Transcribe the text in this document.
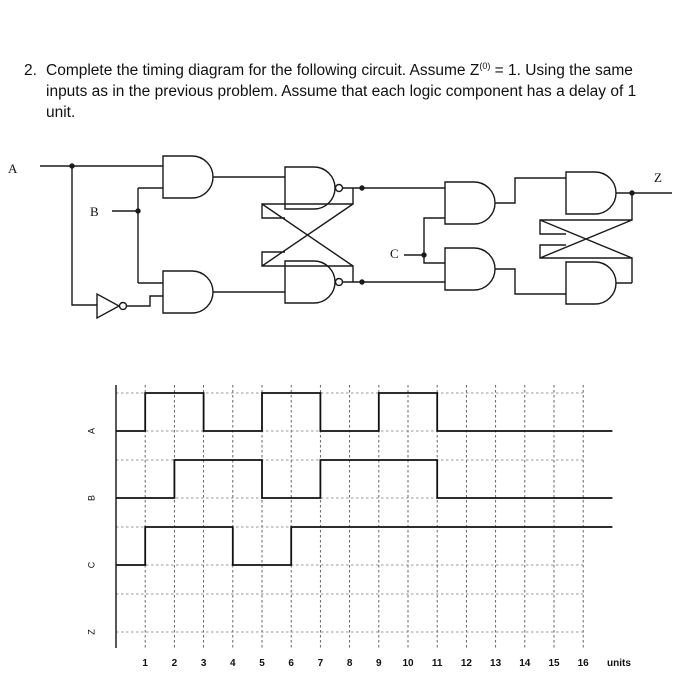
2. Complete the timing diagram for the following circuit. Assume $Z^{(0)} = 1$. Using the same inputs as in the previous problem. Assume that each logic component has a delay of 1 unit.
A
B
C
Z
A
B
C
Z
1 2 3 4 5 6 7 8 9 10 11 12 13 14 15 16 units
